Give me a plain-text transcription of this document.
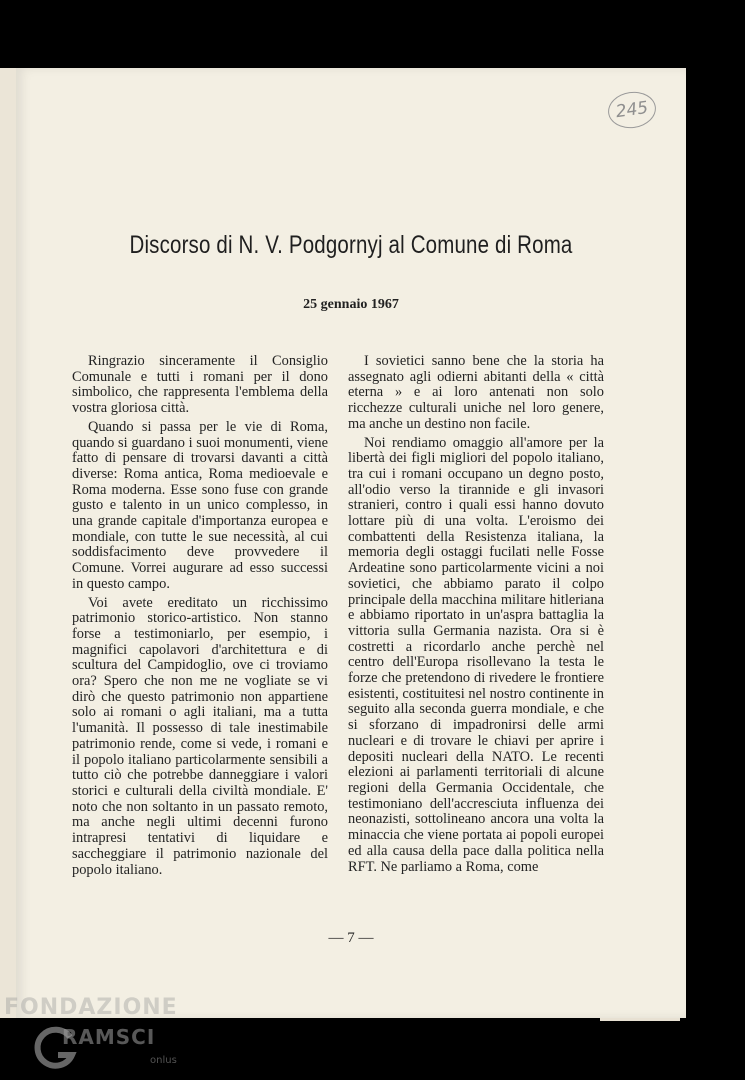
245
Discorso di N. V. Podgornyj al Comune di Roma
25 gennaio 1967

Ringrazio sinceramente il Consiglio Comunale e tutti i romani per il dono simbolico, che rappresenta l'emblema della vostra gloriosa città.

Quando si passa per le vie di Roma, quando si guardano i suoi monumenti, viene fatto di pensare di trovarsi davanti a città diverse: Roma antica, Roma medioevale e Roma moderna. Esse sono fuse con grande gusto e talento in un unico complesso, in una grande capitale d'importanza europea e mondiale, con tutte le sue necessità, al cui soddisfacimento deve provvedere il Comune. Vorrei augurare ad esso successi in questo campo.

Voi avete ereditato un ricchissimo patrimonio storico-artistico. Non stanno forse a testimoniarlo, per esempio, i magnifici capolavori d'architettura e di scultura del Campidoglio, ove ci troviamo ora? Spero che non me ne vogliate se vi dirò che questo patrimonio non appartiene solo ai romani o agli italiani, ma a tutta l'umanità. Il possesso di tale inestimabile patrimonio rende, come si vede, i romani e il popolo italiano particolarmente sensibili a tutto ciò che potrebbe danneggiare i valori storici e culturali della civiltà mondiale. E' noto che non soltanto in un passato remoto, ma anche negli ultimi decenni furono intrapresi tentativi di liquidare e saccheggiare il patrimonio nazionale del popolo italiano.

I sovietici sanno bene che la storia ha assegnato agli odierni abitanti della « città eterna » e ai loro antenati non solo ricchezze culturali uniche nel loro genere, ma anche un destino non facile.

Noi rendiamo omaggio all'amore per la libertà dei figli migliori del popolo italiano, tra cui i romani occupano un degno posto, all'odio verso la tirannide e gli invasori stranieri, contro i quali essi hanno dovuto lottare più di una volta. L'eroismo dei combattenti della Resistenza italiana, la memoria degli ostaggi fucilati nelle Fosse Ardeatine sono particolarmente vicini a noi sovietici, che abbiamo parato il colpo principale della macchina militare hitleriana e abbiamo riportato in un'aspra battaglia la vittoria sulla Germania nazista. Ora si è costretti a ricordarlo anche perchè nel centro dell'Europa risollevano la testa le forze che pretendono di rivedere le frontiere esistenti, costituitesi nel nostro continente in seguito alla seconda guerra mondiale, e che si sforzano di impadronirsi delle armi nucleari e di trovare le chiavi per aprire i depositi nucleari della NATO. Le recenti elezioni ai parlamenti territoriali di alcune regioni della Germania Occidentale, che testimoniano dell'accresciuta influenza dei neonazisti, sottolineano ancora una volta la minaccia che viene portata ai popoli europei ed alla causa della pace dalla politica nella RFT. Ne parliamo a Roma, come

— 7 —
FONDAZIONE
RAMSCI
onlus
